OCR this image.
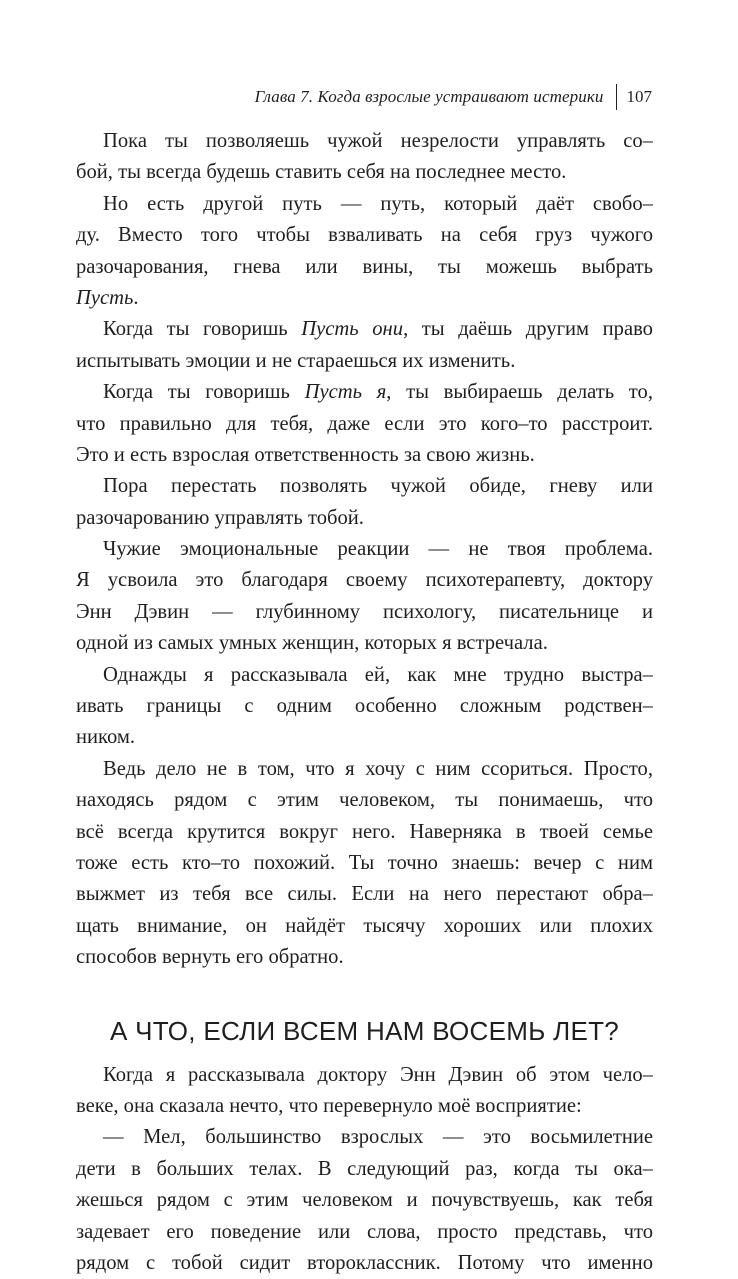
Глава 7. Когда взрослые устраивают истерики 107
Пока ты позволяешь чужой незрелости управлять со–
бой, ты всегда будешь ставить себя на последнее место.
Но есть другой путь — путь, который даёт свобо–
ду. Вместо того чтобы взваливать на себя груз чужого
разочарования, гнева или вины, ты можешь выбрать
Пусть.
Когда ты говоришь Пусть они, ты даёшь другим право
испытывать эмоции и не стараешься их изменить.
Когда ты говоришь Пусть я, ты выбираешь делать то,
что правильно для тебя, даже если это кого–то расстроит.
Это и есть взрослая ответственность за свою жизнь.
Пора перестать позволять чужой обиде, гневу или
разочарованию управлять тобой.
Чужие эмоциональные реакции — не твоя проблема.
Я усвоила это благодаря своему психотерапевту, доктору
Энн Дэвин — глубинному психологу, писательнице и
одной из самых умных женщин, которых я встречала.
Однажды я рассказывала ей, как мне трудно выстра–
ивать границы с одним особенно сложным родствен–
ником.
Ведь дело не в том, что я хочу с ним ссориться. Просто,
находясь рядом с этим человеком, ты понимаешь, что
всё всегда крутится вокруг него. Наверняка в твоей семье
тоже есть кто–то похожий. Ты точно знаешь: вечер с ним
выжмет из тебя все силы. Если на него перестают обра–
щать внимание, он найдёт тысячу хороших или плохих
способов вернуть его обратно.
А ЧТО, ЕСЛИ ВСЕМ НАМ ВОСЕМЬ ЛЕТ?
Когда я рассказывала доктору Энн Дэвин об этом чело–
веке, она сказала нечто, что перевернуло моё восприятие:
— Мел, большинство взрослых — это восьмилетние
дети в больших телах. В следующий раз, когда ты ока–
жешься рядом с этим человеком и почувствуешь, как тебя
задевает его поведение или слова, просто представь, что
рядом с тобой сидит второклассник. Потому что именно
